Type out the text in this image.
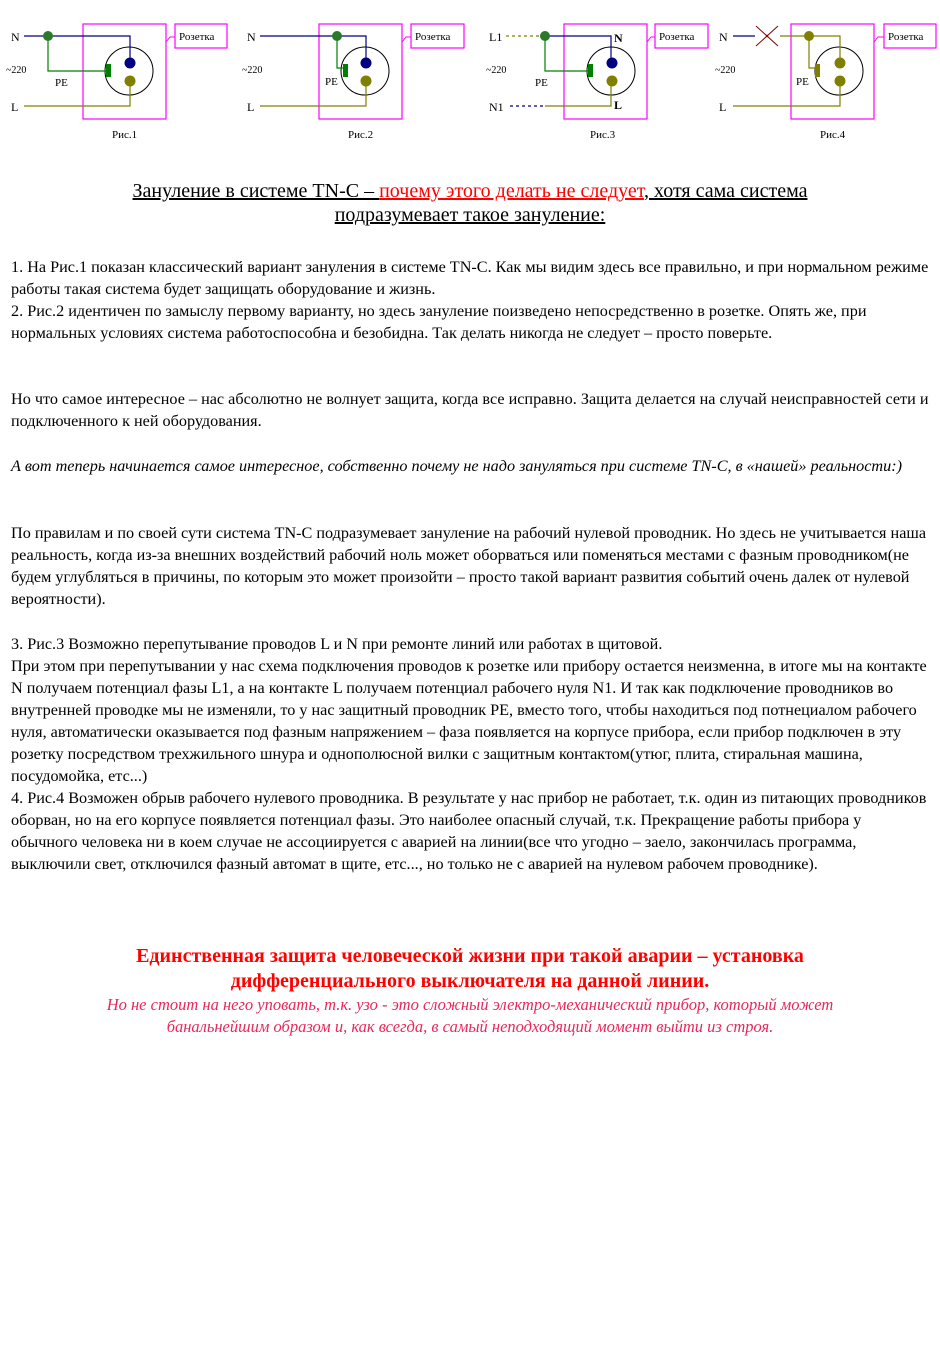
N
~220
PE
L
Розетка
Рис.1
N
~220
PE
L
Розетка
Рис.2
L1
~220
PE
N1
N
L
Розетка
Рис.3
N
~220
PE
L
Розетка
Рис.4
Зануление в системе TN-C – почему этого делать не следует, хотя сама система
подразумевает такое зануление:

1. На Рис.1 показан классический вариант зануления в системе TN-C. Как мы видим здесь все правильно, и при нормальном режиме работы такая система будет защищать оборудование и жизнь.

2. Рис.2 идентичен по замыслу первому варианту, но здесь зануление поизведено непосредственно в розетке. Опять же, при нормальных условиях система работоспособна и безобидна. Так делать никогда не следует – просто поверьте.

Но что самое интересное – нас абсолютно не волнует защита, когда все исправно. Защита делается на случай неисправностей сети и подключенного к ней оборудования.

А вот теперь начинается самое интересное, собственно почему не надо зануляться при системе TN-C, в «нашей» реальности:)

По правилам и по своей сути система TN-C подразумевает зануление на рабочий нулевой проводник. Но здесь не учитывается наша реальность, когда из-за внешних воздействий рабочий ноль может оборваться или поменяться местами с фазным проводником(не будем углубляться в причины, по которым это может произойти – просто такой вариант развития событий очень далек от нулевой вероятности).

3. Рис.3 Возможно перепутывание проводов L и N при ремонте линий или работах в щитовой.

При этом при перепутывании у нас схема подключения проводов к розетке или прибору остается неизменна, в итоге мы на контакте N получаем потенциал фазы L1, а на контакте L получаем потенциал рабочего нуля N1. И так как подключение проводников во внутренней проводке мы не изменяли, то у нас защитный проводник PE, вместо того, чтобы находиться под потнециалом рабочего нуля, автоматически оказывается под фазным напряжением – фаза появляется на корпусе прибора, если прибор подключен в эту розетку посредством трехжильного шнура и однополюсной вилки с защитным контактом(утюг, плита, стиральная машина, посудомойка, етс...)

4. Рис.4 Возможен обрыв рабочего нулевого проводника. В результате у нас прибор не работает, т.к. один из питающих проводников оборван, но на его корпусе появляется потенциал фазы. Это наиболее опасный случай, т.к. Прекращение работы прибора у обычного человека ни в коем случае не ассоциируется с аварией на линии(все что угодно – заело, закончилась программа, выключили свет, отключился фазный автомат в щите, етс..., но только не с аварией на нулевом рабочем проводнике).

Единственная защита человеческой жизни при такой аварии – установка
дифференциального выключателя на данной линии.
Но не стоит на него уповать, т.к. узо - это сложный электро-механический прибор, который может
банальнейшим образом и, как всегда, в самый неподходящий момент выйти из строя.
